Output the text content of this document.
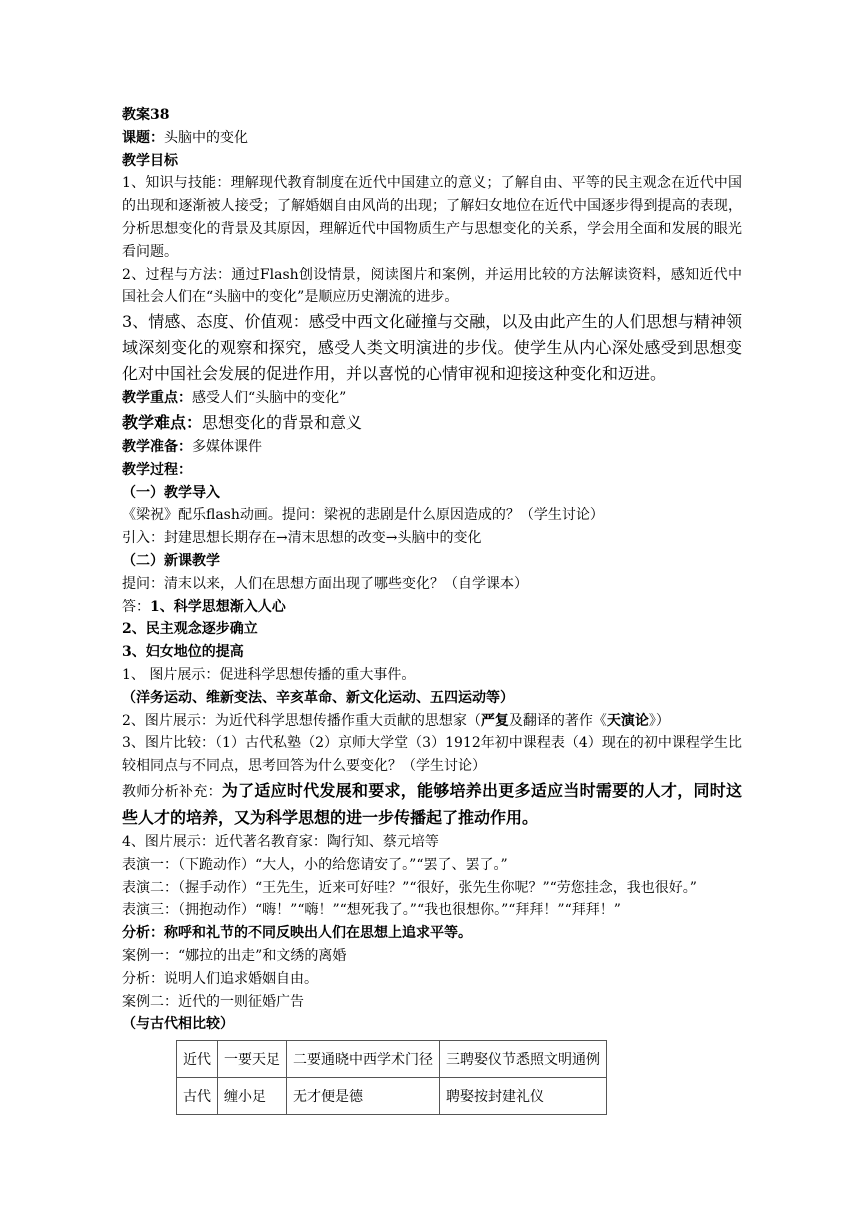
教案38
课题：头脑中的变化
教学目标
1、知识与技能：理解现代教育制度在近代中国建立的意义；了解自由、平等的民主观念在近代中国的出现和逐渐被人接受；了解婚姻自由风尚的出现；了解妇女地位在近代中国逐步得到提高的表现，分析思想变化的背景及其原因，理解近代中国物质生产与思想变化的关系，学会用全面和发展的眼光看问题。
2、过程与方法：通过Flash创设情景，阅读图片和案例，并运用比较的方法解读资料，感知近代中国社会人们在“头脑中的变化”是顺应历史潮流的进步。
3、情感、态度、价值观：感受中西文化碰撞与交融，以及由此产生的人们思想与精神领域深刻变化的观察和探究，感受人类文明演进的步伐。使学生从内心深处感受到思想变化对中国社会发展的促进作用，并以喜悦的心情审视和迎接这种变化和迈进。
教学重点：感受人们“头脑中的变化”
教学难点：思想变化的背景和意义
教学准备：多媒体课件
教学过程：
（一）教学导入
《梁祝》配乐flash动画。提问：梁祝的悲剧是什么原因造成的？（学生讨论）
引入：封建思想长期存在→清末思想的改变→头脑中的变化
（二）新课教学
提问：清末以来，人们在思想方面出现了哪些变化？（自学课本）
答：1、科学思想渐入人心
2、民主观念逐步确立
3、妇女地位的提高
1、 图片展示：促进科学思想传播的重大事件。
（洋务运动、维新变法、辛亥革命、新文化运动、五四运动等）
2、图片展示：为近代科学思想传播作重大贡献的思想家（严复及翻译的著作《天演论》）
3、图片比较：（1）古代私塾（2）京师大学堂（3）1912年初中课程表（4）现在的初中课程学生比较相同点与不同点，思考回答为什么要变化？（学生讨论）
教师分析补充：为了适应时代发展和要求，能够培养出更多适应当时需要的人才，同时这些人才的培养，又为科学思想的进一步传播起了推动作用。
4、图片展示：近代著名教育家：陶行知、蔡元培等
表演一：（下跪动作）“大人，小的给您请安了。”“罢了、罢了。”
表演二：（握手动作）“王先生，近来可好哇？”“很好，张先生你呢？”“劳您挂念，我也很好。”
表演三：（拥抱动作）“嗨！”“嗨！”“想死我了。”“我也很想你。”“拜拜！”“拜拜！”
分析：称呼和礼节的不同反映出人们在思想上追求平等。
案例一：“娜拉的出走”和文绣的离婚
分析：说明人们追求婚姻自由。
案例二：近代的一则征婚广告
（与古代相比较）
近代	一要天足	二要通晓中西学术门径	三聘娶仪节悉照文明通例
古代	缠小足	无才便是德	聘娶按封建礼仪
